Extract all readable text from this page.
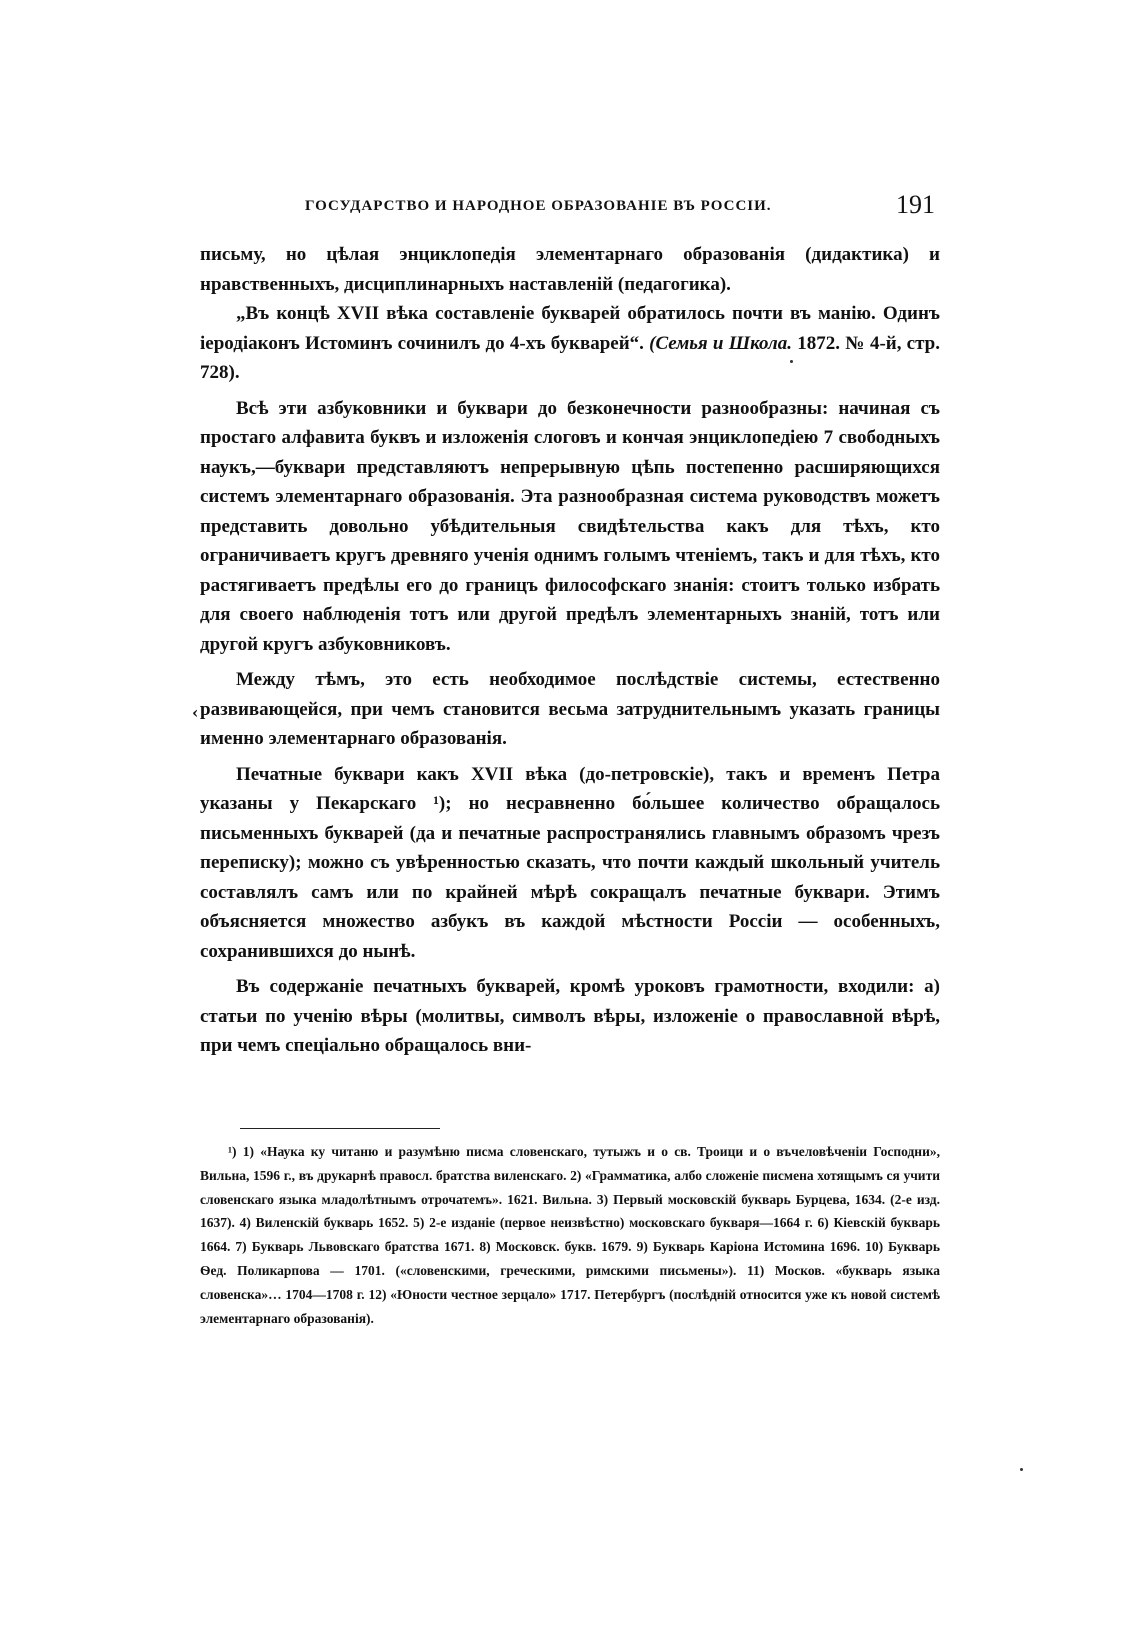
ГОСУДАРСТВО И НАРОДНОЕ ОБРАЗОВАНІЕ ВЪ РОССІИ.	191

письму, но цѣлая энциклопедія элементарнаго образованія (дидактика) и нравственныхъ, дисциплинарныхъ наставленій (педагогика).

„Въ концѣ XVII вѣка составленіе букварей обратилось почти въ манію. Одинъ іеродіаконъ Истоминъ сочинилъ до 4-хъ букварей“. (Семья и Школа. 1872. № 4-й, стр. 728).

Всѣ эти азбуковники и буквари до безконечности разнообразны: начиная съ простаго алфавита буквъ и изложенія слоговъ и кончая энциклопедіею 7 свободныхъ наукъ,—буквари представляютъ непрерывную цѣпь постепенно расширяющихся системъ элементарнаго образованія. Эта разнообразная система руководствъ можетъ представить довольно убѣдительныя свидѣтельства какъ для тѣхъ, кто ограничиваетъ кругъ древняго ученія однимъ голымъ чтеніемъ, такъ и для тѣхъ, кто растягиваетъ предѣлы его до границъ философскаго знанія: стоитъ только избрать для своего наблюденія тотъ или другой предѣлъ элементарныхъ знаній, тотъ или другой кругъ азбуковниковъ.

Между тѣмъ, это есть необходимое послѣдствіе системы, естественно развивающейся, при чемъ становится весьма затруднительнымъ указать границы именно элементарнаго образованія.

Печатные буквари какъ XVII вѣка (до-петровскіе), такъ и временъ Петра указаны у Пекарскаго ¹); но несравненно бо́льшее количество обращалось письменныхъ букварей (да и печатные распространялись главнымъ образомъ чрезъ переписку); можно съ увѣренностью сказать, что почти каждый школьный учитель составлялъ самъ или по крайней мѣрѣ сокращалъ печатные буквари. Этимъ объясняется множество азбукъ въ каждой мѣстности Россіи — особенныхъ, сохранившихся до нынѣ.

Въ содержаніе печатныхъ букварей, кромѣ уроковъ грамотности, входили: а) статьи по ученію вѣры (молитвы, символъ вѣры, изложеніе о православной вѣрѣ, при чемъ спеціально обращалось вни-

‹
¹) 1) «Наука ку читаню и разумѣню писма словенскаго, тутыжъ и о св. Троици и о въчеловѣченіи Господни», Вильна, 1596 г., въ друкарнѣ правосл. братства виленскаго. 2) «Грамматика, албо сложеніе писмена хотящымъ ся учити словенскаго языка младолѣтнымъ отрочатемъ». 1621. Вильна. 3) Первый московскій букварь Бурцева, 1634. (2-е изд. 1637). 4) Виленскій букварь 1652. 5) 2-е изданіе (первое неизвѣстно) московскаго букваря—1664 г. 6) Кіевскій букварь 1664. 7) Букварь Львовскаго братства 1671. 8) Московск. букв. 1679. 9) Букварь Каріона Истомина 1696. 10) Букварь Ѳед. Поликарпова — 1701. («словенскими, греческими, римскими письмены»). 11) Москов. «букварь языка словенска»… 1704—1708 г. 12) «Юности честное зерцало» 1717. Петербургъ (послѣдній относится уже къ новой системѣ элементарнаго образованія).
